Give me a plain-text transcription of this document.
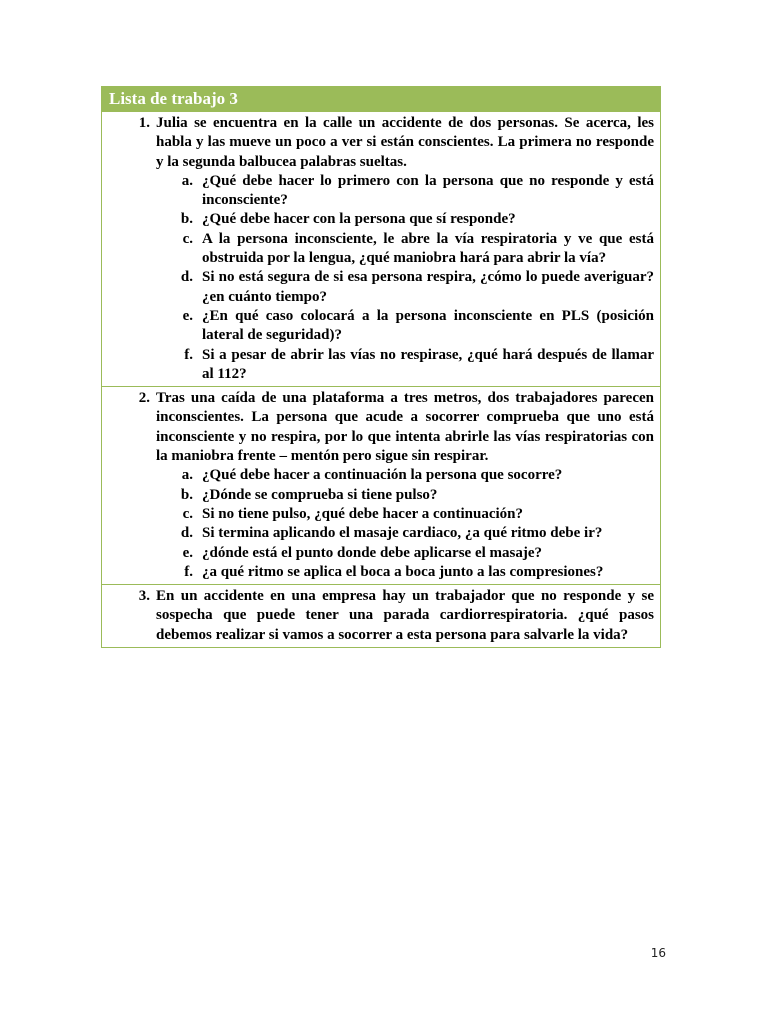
Lista de trabajo 3
1. Julia se encuentra en la calle un accidente de dos personas. Se acerca, les habla y las mueve un poco a ver si están conscientes. La primera no responde y la segunda balbucea palabras sueltas.
a. ¿Qué debe hacer lo primero con la persona que no responde y está inconsciente?
b. ¿Qué debe hacer con la persona que sí responde?
c. A la persona inconsciente, le abre la vía respiratoria y ve que está obstruida por la lengua, ¿qué maniobra hará para abrir la vía?
d. Si no está segura de si esa persona respira, ¿cómo lo puede averiguar? ¿en cuánto tiempo?
e. ¿En qué caso colocará a la persona inconsciente en PLS (posición lateral de seguridad)?
f. Si a pesar de abrir las vías no respirase, ¿qué hará después de llamar al 112?
2. Tras una caída de una plataforma a tres metros, dos trabajadores parecen inconscientes. La persona que acude a socorrer comprueba que uno está inconsciente y no respira, por lo que intenta abrirle las vías respiratorias con la maniobra frente – mentón pero sigue sin respirar.
a. ¿Qué debe hacer a continuación la persona que socorre?
b. ¿Dónde se comprueba si tiene pulso?
c. Si no tiene pulso, ¿qué debe hacer a continuación?
d. Si termina aplicando el masaje cardiaco, ¿a qué ritmo debe ir?
e. ¿dónde está el punto donde debe aplicarse el masaje?
f. ¿a qué ritmo se aplica el boca a boca junto a las compresiones?
3. En un accidente en una empresa hay un trabajador que no responde y se sospecha que puede tener una parada cardiorrespiratoria. ¿qué pasos debemos realizar si vamos a socorrer a esta persona para salvarle la vida?
16
